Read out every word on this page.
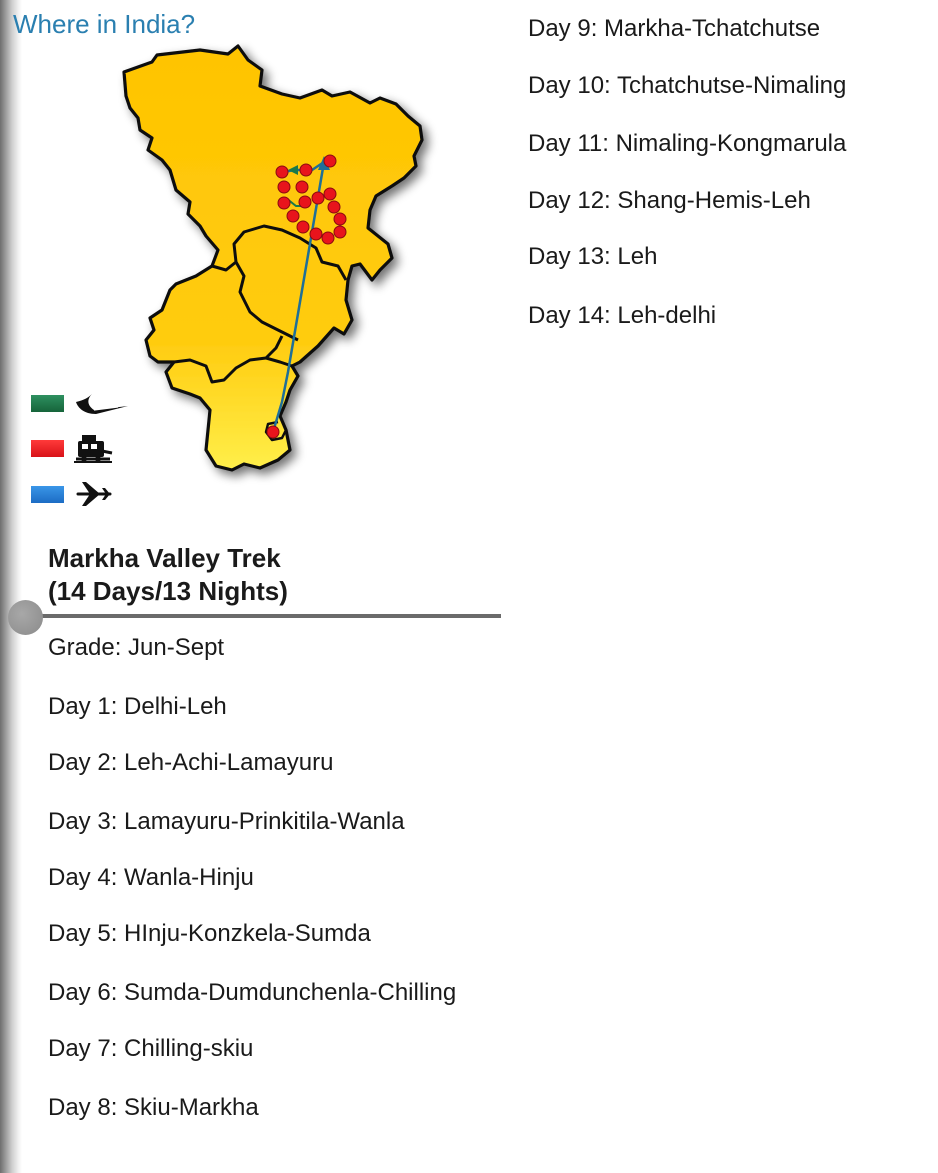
Where in India?
Markha Valley Trek
(14 Days/13 Nights)
Grade: Jun-Sept
Day 1: Delhi-Leh
Day 2: Leh-Achi-Lamayuru
Day 3: Lamayuru-Prinkitila-Wanla
Day 4: Wanla-Hinju
Day 5: HInju-Konzkela-Sumda
Day 6: Sumda-Dumdunchenla-Chilling
Day 7: Chilling-skiu
Day 8: Skiu-Markha
Day 9: Markha-Tchatchutse
Day 10: Tchatchutse-Nimaling
Day 11: Nimaling-Kongmarula
Day 12: Shang-Hemis-Leh
Day 13: Leh
Day 14: Leh-delhi
